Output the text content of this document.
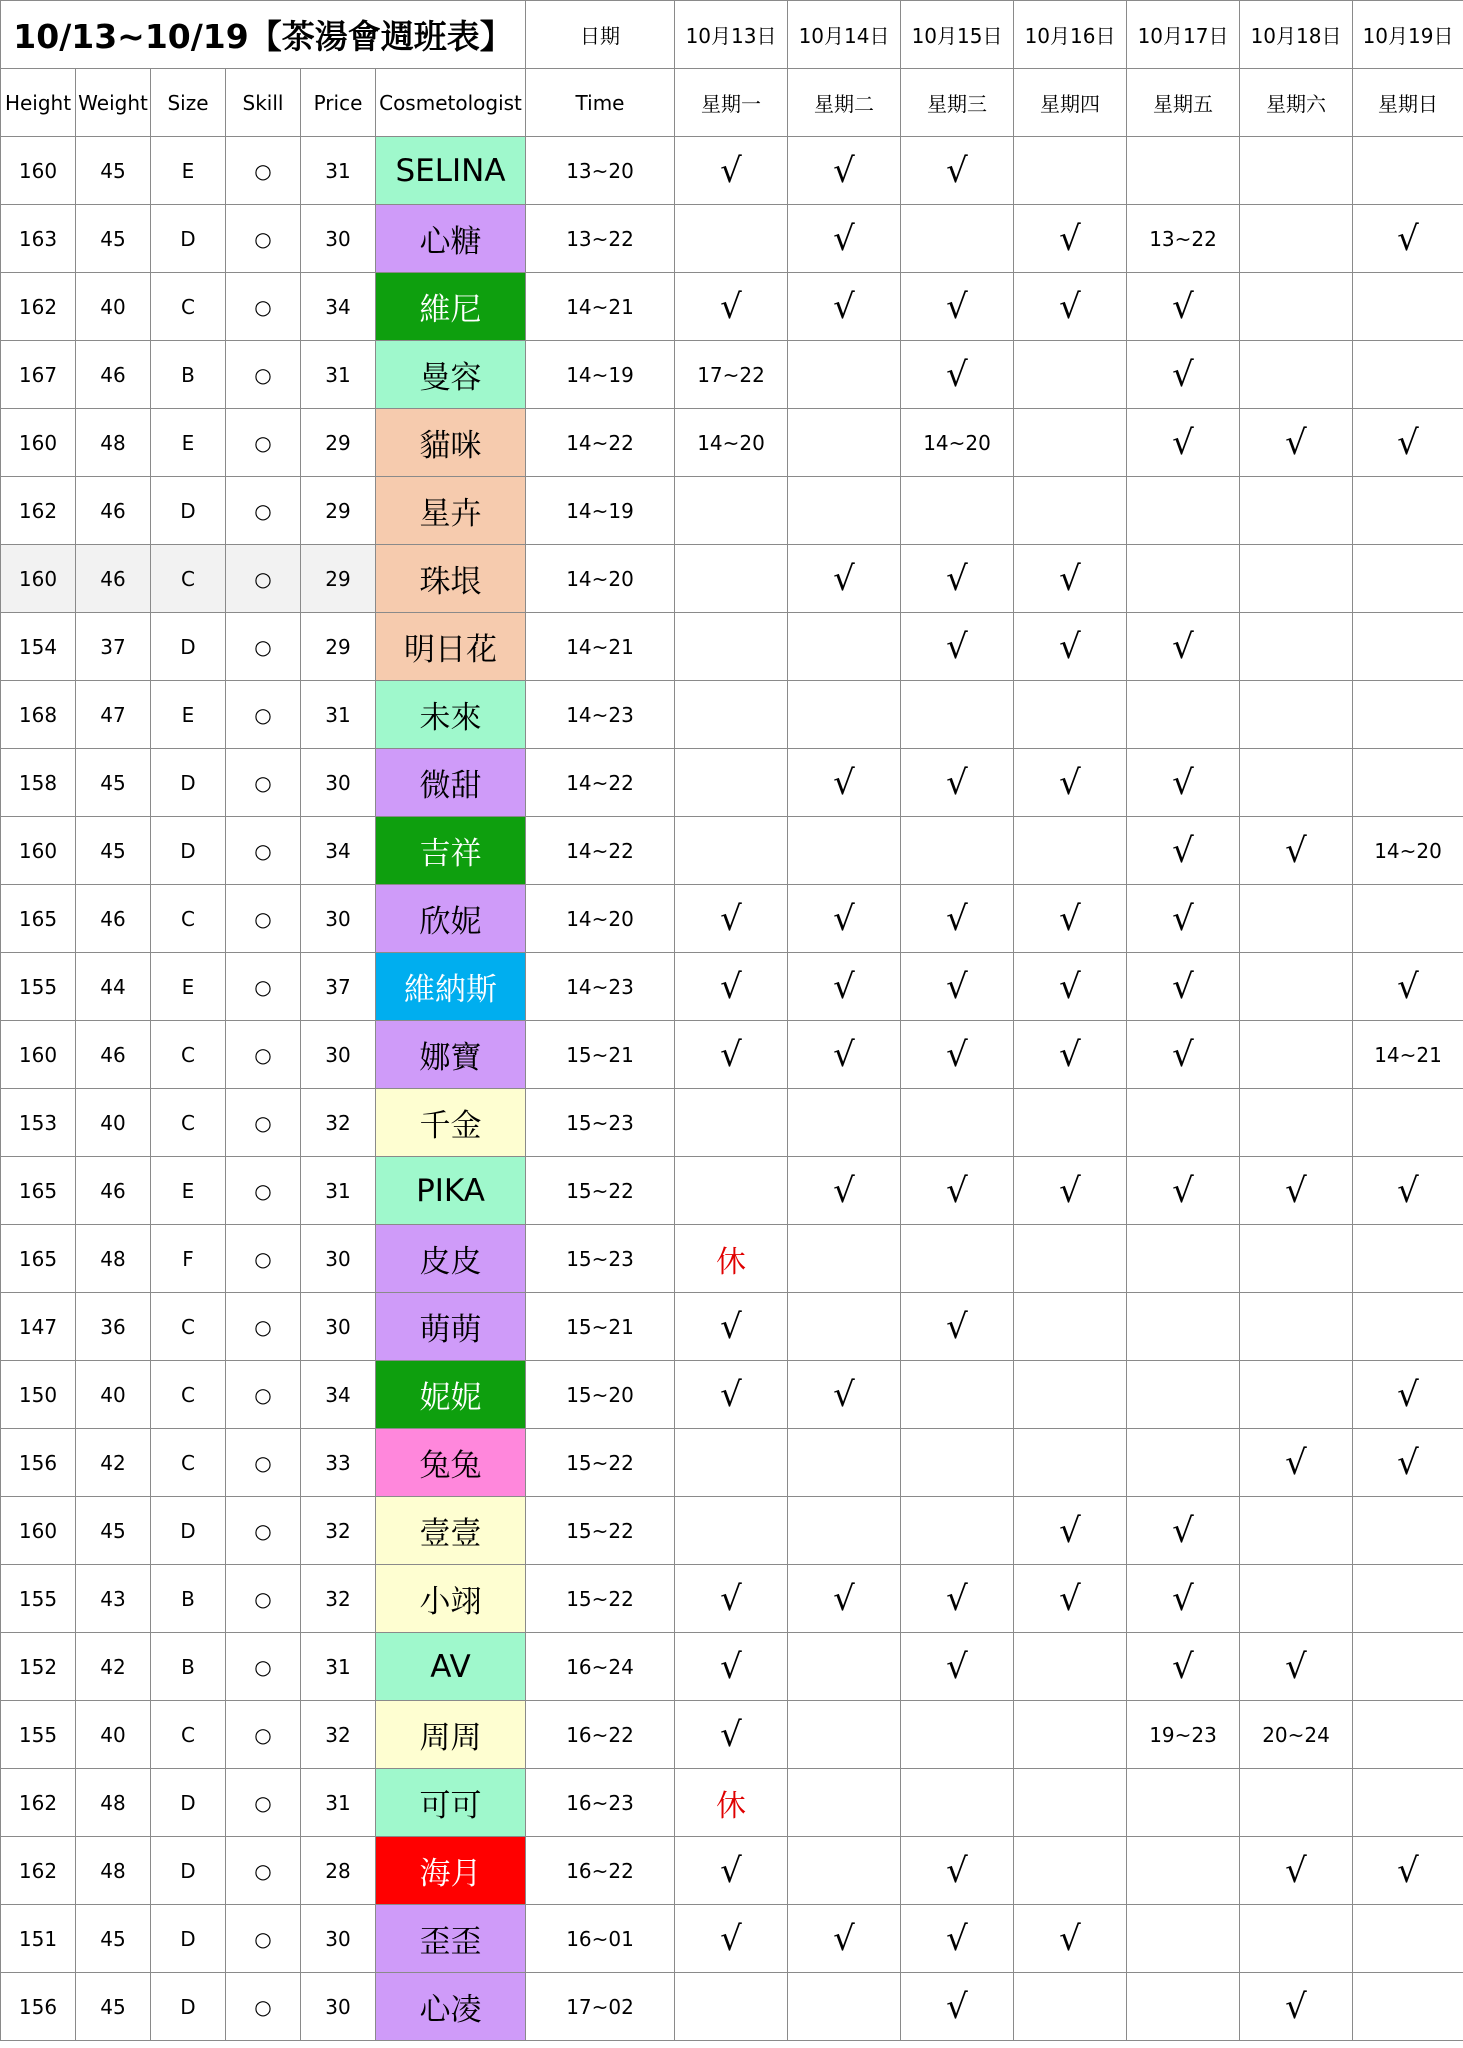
10/13~10/19【茶湯會週班表】						日期	10月13日	10月14日	10月15日	10月16日	10月17日	10月18日	10月19日
Height	Weight	Size	Skill	Price	Cosmetologist	Time	星期一	星期二	星期三	星期四	星期五	星期六	星期日
160	45	E	○	31	SELINA	13~20	√	√	√				
163	45	D	○	30	心糖	13~22		√		√	13~22		√
162	40	C	○	34	維尼	14~21	√	√	√	√	√		
167	46	B	○	31	曼容	14~19	17~22		√		√		
160	48	E	○	29	貓咪	14~22	14~20		14~20		√	√	√
162	46	D	○	29	星卉	14~19							
160	46	C	○	29	珠垠	14~20		√	√	√			
154	37	D	○	29	明日花	14~21			√	√	√		
168	47	E	○	31	未來	14~23							
158	45	D	○	30	微甜	14~22		√	√	√	√		
160	45	D	○	34	吉祥	14~22					√	√	14~20
165	46	C	○	30	欣妮	14~20	√	√	√	√	√		
155	44	E	○	37	維納斯	14~23	√	√	√	√	√		√
160	46	C	○	30	娜寶	15~21	√	√	√	√	√		14~21
153	40	C	○	32	千金	15~23							
165	46	E	○	31	PIKA	15~22		√	√	√	√	√	√
165	48	F	○	30	皮皮	15~23	休						
147	36	C	○	30	萌萌	15~21	√		√				
150	40	C	○	34	妮妮	15~20	√	√					√
156	42	C	○	33	兔兔	15~22						√	√
160	45	D	○	32	壹壹	15~22				√	√		
155	43	B	○	32	小翊	15~22	√	√	√	√	√		
152	42	B	○	31	AV	16~24	√		√		√	√	
155	40	C	○	32	周周	16~22	√				19~23	20~24	
162	48	D	○	31	可可	16~23	休						
162	48	D	○	28	海月	16~22	√		√			√	√
151	45	D	○	30	歪歪	16~01	√	√	√	√			
156	45	D	○	30	心凌	17~02			√			√	
